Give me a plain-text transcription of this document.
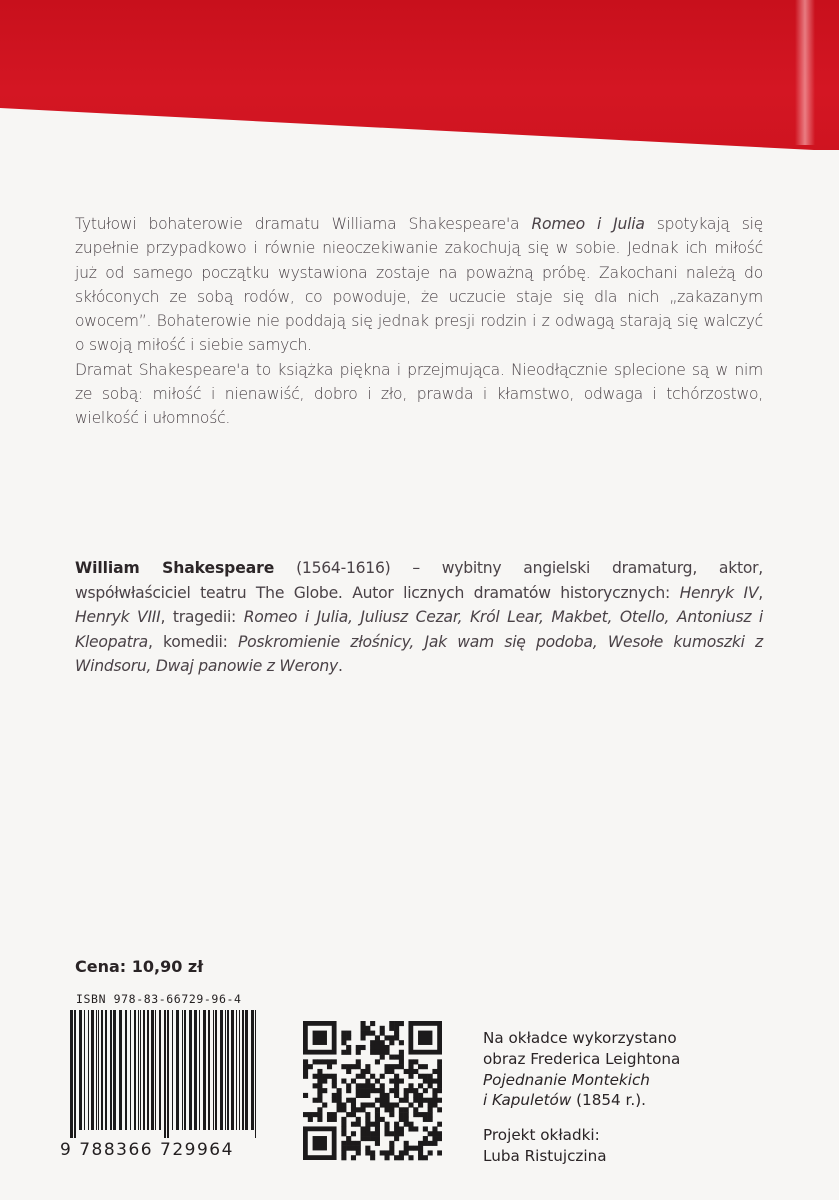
Tytułowi bohaterowie dramatu Williama Shakespeare'a Romeo i Julia spotykają się zupełnie przypadkowo i równie nieoczekiwanie zakochują się w sobie. Jednak ich miłość już od samego początku wystawiona zostaje na poważną próbę. Zakochani należą do skłóconych ze sobą rodów, co powoduje, że uczucie staje się dla nich „zakazanym owocem”. Bohaterowie nie poddają się jednak presji rodzin i z odwagą starają się walczyć o swoją miłość i siebie samych.

Dramat Shakespeare'a to książka piękna i przejmująca. Nieodłącznie splecione są w nim ze sobą: miłość i nienawiść, dobro i zło, prawda i kłamstwo, odwaga i tchórzostwo, wielkość i ułomność.

William Shakespeare (1564-1616) – wybitny angielski dramaturg, aktor, współwłaściciel teatru The Globe. Autor licznych dramatów historycznych: Henryk IV, Henryk VIII, tragedii: Romeo i Julia, Juliusz Cezar, Król Lear, Makbet, Otello, Antoniusz i Kleopatra, komedii: Poskromienie złośnicy, Jak wam się podoba, Wesołe kumoszki z Windsoru, Dwaj panowie z Werony.
Cena: 10,90 zł
ISBN 978-83-66729-96-4
9 788366 729964

Na okładce wykorzystano

obraz Frederica Leightona

Pojednanie Montekich

i Kapuletów (1854 r.).

Projekt okładki:

Luba Ristujczina
